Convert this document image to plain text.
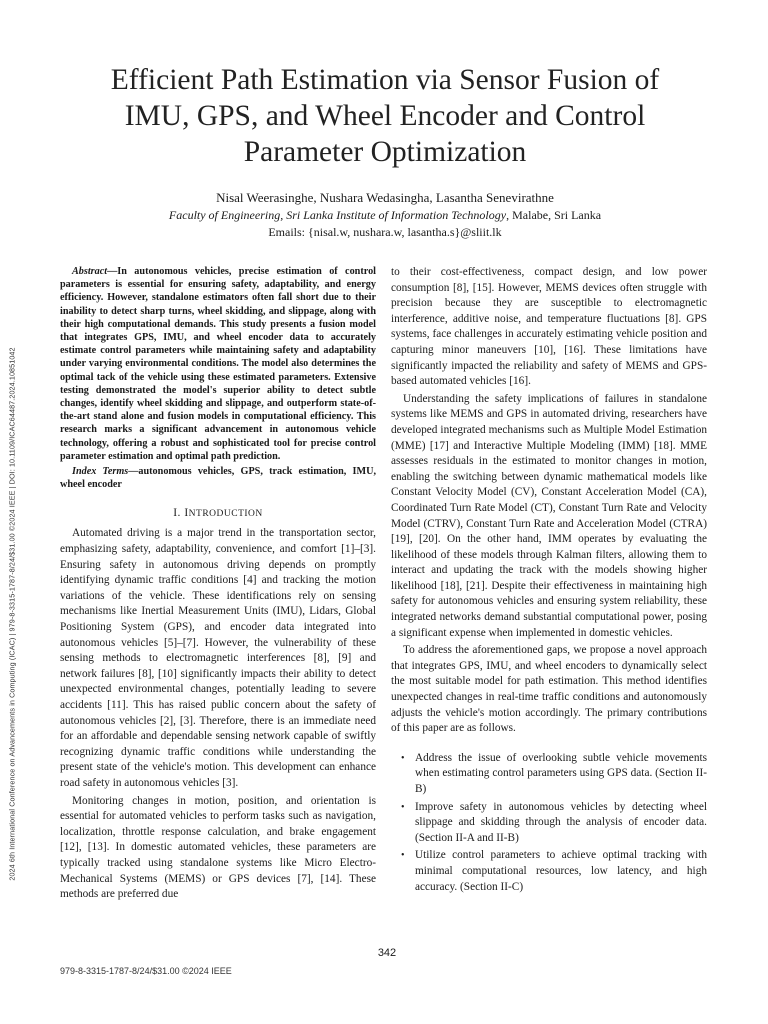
2024 6th International Conference on Advancements in Computing (ICAC) | 979-8-3315-1787-8/24/$31.00 ©2024 IEEE | DOI: 10.1109/ICAC64487.2024.10851042
Efficient Path Estimation via Sensor Fusion of
IMU, GPS, and Wheel Encoder and Control
Parameter Optimization
Nisal Weerasinghe, Nushara Wedasingha, Lasantha Senevirathne
Faculty of Engineering, Sri Lanka Institute of Information Technology, Malabe, Sri Lanka
Emails: {nisal.w, nushara.w, lasantha.s}@sliit.lk

Abstract—In autonomous vehicles, precise estimation of control parameters is essential for ensuring safety, adaptability, and energy efficiency. However, standalone estimators often fall short due to their inability to detect sharp turns, wheel skidding, and slippage, along with their high computational demands. This study presents a fusion model that integrates GPS, IMU, and wheel encoder data to accurately estimate control parameters while maintaining safety and adaptability under varying environmental conditions. The model also determines the optimal tack of the vehicle using these estimated parameters. Extensive testing demonstrated the model's superior ability to detect subtle changes, identify wheel skidding and slippage, and outperform state-of-the-art stand alone and fusion models in computational efficiency. This research marks a significant advancement in autonomous vehicle technology, offering a robust and sophisticated tool for precise control parameter estimation and optimal path prediction.

Index Terms—autonomous vehicles, GPS, track estimation, IMU, wheel encoder

I. INTRODUCTION

Automated driving is a major trend in the transportation sector, emphasizing safety, adaptability, convenience, and comfort [1]–[3]. Ensuring safety in autonomous driving depends on promptly identifying dynamic traffic conditions [4] and tracking the motion variations of the vehicle. These identifications rely on sensing mechanisms like Inertial Measurement Units (IMU), Lidars, Global Positioning System (GPS), and encoder data integrated into autonomous vehicles [5]–[7]. However, the vulnerability of these sensing methods to electromagnetic interferences [8], [9] and network failures [8], [10] significantly impacts their ability to detect unexpected environmental changes, potentially leading to severe accidents [11]. This has raised public concern about the safety of autonomous vehicles [2], [3]. Therefore, there is an immediate need for an affordable and dependable sensing network capable of swiftly recognizing dynamic traffic conditions while understanding the present state of the vehicle's motion. This development can enhance road safety in autonomous vehicles [3].

Monitoring changes in motion, position, and orientation is essential for automated vehicles to perform tasks such as navigation, localization, throttle response calculation, and brake engagement [12], [13]. In domestic automated vehicles, these parameters are typically tracked using standalone systems like Micro Electro-Mechanical Systems (MEMS) or GPS devices [7], [14]. These methods are preferred due

to their cost-effectiveness, compact design, and low power consumption [8], [15]. However, MEMS devices often struggle with precision because they are susceptible to electromagnetic interference, additive noise, and temperature fluctuations [8]. GPS systems, face challenges in accurately estimating vehicle position and capturing minor maneuvers [10], [16]. These limitations have significantly impacted the reliability and safety of MEMS and GPS-based automated vehicles [16].

Understanding the safety implications of failures in standalone systems like MEMS and GPS in automated driving, researchers have developed integrated mechanisms such as Multiple Model Estimation (MME) [17] and Interactive Multiple Modeling (IMM) [18]. MME assesses residuals in the estimated to monitor changes in motion, enabling the switching between dynamic mathematical models like Constant Velocity Model (CV), Constant Acceleration Model (CA), Coordinated Turn Rate Model (CT), Constant Turn Rate and Velocity Model (CTRV), Constant Turn Rate and Acceleration Model (CTRA) [19], [20]. On the other hand, IMM operates by evaluating the likelihood of these models through Kalman filters, allowing them to interact and updating the track with the models showing higher likelihood [18], [21]. Despite their effectiveness in maintaining high safety for autonomous vehicles and ensuring system reliability, these integrated networks demand substantial computational power, posing a significant expense when implemented in domestic vehicles.

To address the aforementioned gaps, we propose a novel approach that integrates GPS, IMU, and wheel encoders to dynamically select the most suitable model for path estimation. This method identifies unexpected changes in real-time traffic conditions and autonomously adjusts the vehicle's motion accordingly. The primary contributions of this paper are as follows.

• Address the issue of overlooking subtle vehicle movements when estimating control parameters using GPS data. (Section II-B)
• Improve safety in autonomous vehicles by detecting wheel slippage and skidding through the analysis of encoder data. (Section II-A and II-B)
• Utilize control parameters to achieve optimal tracking with minimal computational resources, low latency, and high accuracy. (Section II-C)
342
979-8-3315-1787-8/24/$31.00 ©2024 IEEE
